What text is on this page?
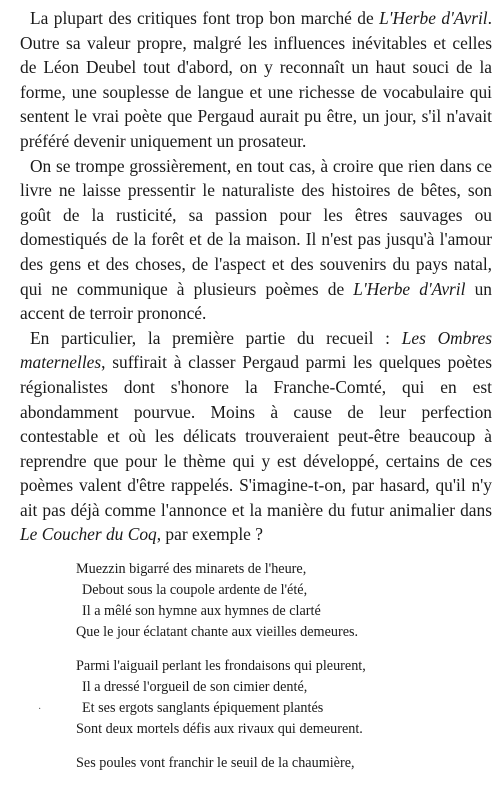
La plupart des critiques font trop bon marché de L'Herbe d'Avril. Outre sa valeur propre, malgré les influences inévitables et celles de Léon Deubel tout d'abord, on y reconnaît un haut souci de la forme, une souplesse de langue et une richesse de vocabulaire qui sentent le vrai poète que Pergaud aurait pu être, un jour, s'il n'avait préféré devenir uniquement un prosateur.

On se trompe grossièrement, en tout cas, à croire que rien dans ce livre ne laisse pressentir le naturaliste des histoires de bêtes, son goût de la rusticité, sa passion pour les êtres sauvages ou domestiqués de la forêt et de la maison. Il n'est pas jusqu'à l'amour des gens et des choses, de l'aspect et des souvenirs du pays natal, qui ne communique à plusieurs poèmes de L'Herbe d'Avril un accent de terroir prononcé.

En particulier, la première partie du recueil : Les Ombres maternelles, suffirait à classer Pergaud parmi les quelques poètes régionalistes dont s'honore la Franche-Comté, qui en est abondamment pourvue. Moins à cause de leur perfection contestable et où les délicats trouveraient peut-être beaucoup à reprendre que pour le thème qui y est développé, certains de ces poèmes valent d'être rappelés. S'imagine-t-on, par hasard, qu'il n'y ait pas déjà comme l'annonce et la manière du futur animalier dans Le Coucher du Coq, par exemple ?

Muezzin bigarré des minarets de l'heure,
Debout sous la coupole ardente de l'été,
Il a mêlé son hymne aux hymnes de clarté
Que le jour éclatant chante aux vieilles demeures.
Parmi l'aiguail perlant les frondaisons qui pleurent,
Il a dressé l'orgueil de son cimier denté,
Et ses ergots sanglants épiquement plantés
Sont deux mortels défis aux rivaux qui demeurent.
Ses poules vont franchir le seuil de la chaumière,
·
